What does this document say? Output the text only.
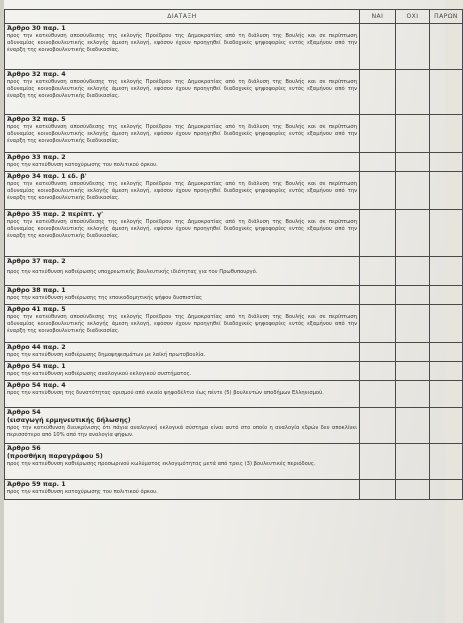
ΔΙΑΤΑΞΗ	ΝΑΙ	ΟΧΙ	ΠΑΡΩΝ

Άρθρο 30 παρ. 1
προς την κατεύθυνση αποσύνδεσης της εκλογής Προέδρου της Δημοκρατίας από τη διάλυση της Βουλής και σε περίπτωση αδυναμίας κοινοβουλευτικής εκλογής άμεση εκλογή, εφόσον έχουν προηγηθεί διαδοχικές ψηφοφορίες εντός εξαμήνου από την έναρξη της κοινοβουλευτικής διαδικασίας.			

Άρθρο 32 παρ. 4
προς την κατεύθυνση αποσύνδεσης της εκλογής Προέδρου της Δημοκρατίας από τη διάλυση της Βουλής και σε περίπτωση αδυναμίας κοινοβουλευτικής εκλογής άμεση εκλογή, εφόσον έχουν προηγηθεί διαδοχικές ψηφοφορίες εντός εξαμήνου από την έναρξη της κοινοβουλευτικής διαδικασίας.			

Άρθρο 32 παρ. 5
προς την κατεύθυνση αποσύνδεσης της εκλογής Προέδρου της Δημοκρατίας από τη διάλυση της Βουλής και σε περίπτωση αδυναμίας κοινοβουλευτικής εκλογής άμεση εκλογή, εφόσον έχουν προηγηθεί διαδοχικές ψηφοφορίες εντός εξαμήνου από την έναρξη της κοινοβουλευτικής διαδικασίας.			

Άρθρο 33 παρ. 2
προς την κατεύθυνση κατοχύρωσης του πολιτικού όρκου.			

Άρθρο 34 παρ. 1 εδ. β'
προς την κατεύθυνση αποσύνδεσης της εκλογής Προέδρου της Δημοκρατίας από τη διάλυση της Βουλής και σε περίπτωση αδυναμίας κοινοβουλευτικής εκλογής άμεση εκλογή, εφόσον έχουν προηγηθεί διαδοχικές ψηφοφορίες εντός εξαμήνου από την έναρξη της κοινοβουλευτικής διαδικασίας.			

Άρθρο 35 παρ. 2 περίπτ. γ'
προς την κατεύθυνση αποσύνδεσης της εκλογής Προέδρου της Δημοκρατίας από τη διάλυση της Βουλής και σε περίπτωση αδυναμίας κοινοβουλευτικής εκλογής άμεση εκλογή, εφόσον έχουν προηγηθεί διαδοχικές ψηφοφορίες εντός εξαμήνου από την έναρξη της κοινοβουλευτικής διαδικασίας.			

Άρθρο 37 παρ. 2
προς την κατεύθυνση καθιέρωσης υποχρεωτικής βουλευτικής ιδιότητας για τον Πρωθυπουργό.			

Άρθρο 38 παρ. 1
προς την κατεύθυνση καθιέρωσης της εποικοδομητικής ψήφου δυσπιστίας			

Άρθρο 41 παρ. 5
προς την κατεύθυνση αποσύνδεσης της εκλογής Προέδρου της Δημοκρατίας από τη διάλυση της Βουλής και σε περίπτωση αδυναμίας κοινοβουλευτικής εκλογής άμεση εκλογή, εφόσον έχουν προηγηθεί διαδοχικές ψηφοφορίες εντός εξαμήνου από την έναρξη της κοινοβουλευτικής διαδικασίας.			

Άρθρο 44 παρ. 2
προς την κατεύθυνση καθιέρωσης δημοψηφισμάτων με λαϊκή πρωτοβουλία.			

Άρθρο 54 παρ. 1
προς την κατεύθυνση καθιέρωσης αναλογικού εκλογικού συστήματος.			

Άρθρο 54 παρ. 4
προς την κατεύθυνση της δυνατότητας ορισμού από ενιαίο ψηφοδέλτιο έως πέντε (5) βουλευτών αποδήμων Ελληνισμού.			

Άρθρο 54
(εισαγωγή ερμηνευτικής δήλωσης)
προς την κατεύθυνση διευκρίνισης ότι πάγια αναλογική εκλογικά σύστημα είναι αυτό στο οποίο η αναλογία εδρών δεν αποκλίνει περισσότερο από 10% από την αναλογία ψήφων.			

Άρθρο 56
(προσθήκη παραγράφου 5)
προς την κατεύθυνση καθιέρωσης προσωρινού κωλύματος εκλογιμότητας μετά από τρεις (3) βουλευτικές περιόδους.			

Άρθρο 59 παρ. 1
προς την κατεύθυνση κατοχύρωσης του πολιτικού όρκου.			
